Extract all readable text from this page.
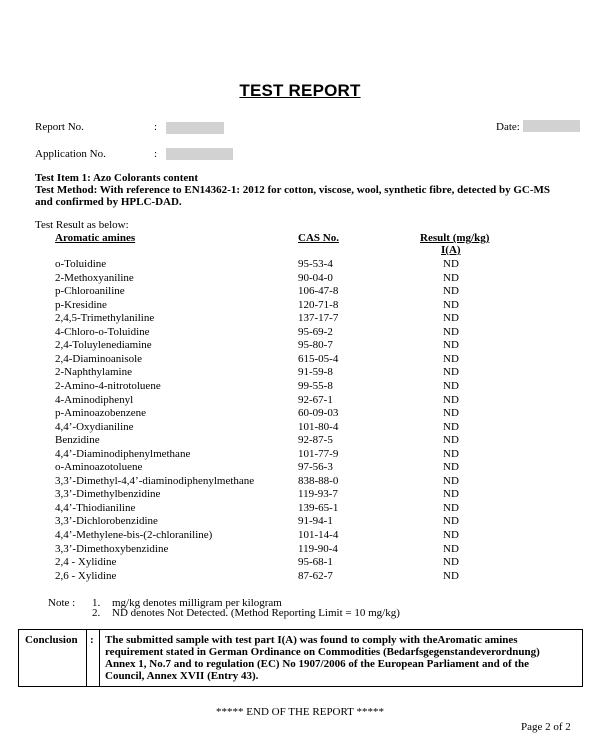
TEST REPORT
Report No.	:	Date:
Application No.	:
Test Item 1: Azo Colorants content
Test Method: With reference to EN14362-1: 2012 for cotton, viscose, wool, synthetic fibre, detected by GC-MS
and confirmed by HPLC-DAD.
Test Result as below:
Aromatic amines	CAS No.	Result (mg/kg)
I(A)
o-Toluidine	95-53-4	ND
2-Methoxyaniline	90-04-0	ND
p-Chloroaniline	106-47-8	ND
p-Kresidine	120-71-8	ND
2,4,5-Trimethylaniline	137-17-7	ND
4-Chloro-o-Toluidine	95-69-2	ND
2,4-Toluylenediamine	95-80-7	ND
2,4-Diaminoanisole	615-05-4	ND
2-Naphthylamine	91-59-8	ND
2-Amino-4-nitrotoluene	99-55-8	ND
4-Aminodiphenyl	92-67-1	ND
p-Aminoazobenzene	60-09-03	ND
4,4’-Oxydianiline	101-80-4	ND
Benzidine	92-87-5	ND
4,4’-Diaminodiphenylmethane	101-77-9	ND
o-Aminoazotoluene	97-56-3	ND
3,3’-Dimethyl-4,4’-diaminodiphenylmethane	838-88-0	ND
3,3’-Dimethylbenzidine	119-93-7	ND
4,4’-Thiodianiline	139-65-1	ND
3,3’-Dichlorobenzidine	91-94-1	ND
4,4’-Methylene-bis-(2-chloraniline)	101-14-4	ND
3,3’-Dimethoxybenzidine	119-90-4	ND
2,4 - Xylidine	95-68-1	ND
2,6 - Xylidine	87-62-7	ND
Note : 1. mg/kg denotes milligram per kilogram
2. ND denotes Not Detected. (Method Reporting Limit = 10 mg/kg)
Conclusion : The submitted sample with test part I(A) was found to comply with theAromatic amines
requirement stated in German Ordinance on Commodities (Bedarfsgegenstandeverordnung)
Annex 1, No.7 and to regulation (EC) No 1907/2006 of the European Parliament and of the
Council, Annex XVII (Entry 43).
***** END OF THE REPORT *****
Page 2 of 2
